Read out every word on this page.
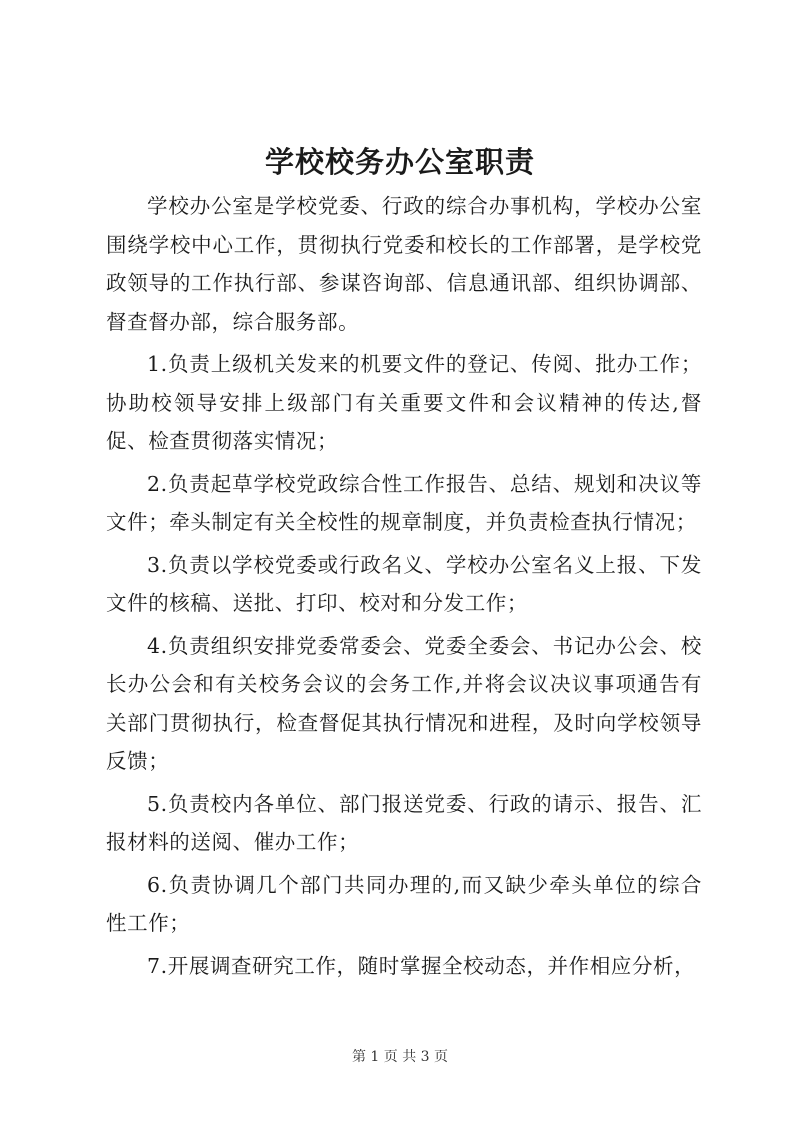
学校校务办公室职责

学校办公室是学校党委、行政的综合办事机构，学校办公室围绕学校中心工作，贯彻执行党委和校长的工作部署，是学校党政领导的工作执行部、参谋咨询部、信息通讯部、组织协调部、督查督办部，综合服务部。

1.负责上级机关发来的机要文件的登记、传阅、批办工作；协助校领导安排上级部门有关重要文件和会议精神的传达,督促、检查贯彻落实情况；

2.负责起草学校党政综合性工作报告、总结、规划和决议等文件；牵头制定有关全校性的规章制度，并负责检查执行情况；

3.负责以学校党委或行政名义、学校办公室名义上报、下发文件的核稿、送批、打印、校对和分发工作；

4.负责组织安排党委常委会、党委全委会、书记办公会、校长办公会和有关校务会议的会务工作,并将会议决议事项通告有关部门贯彻执行，检查督促其执行情况和进程，及时向学校领导反馈；

5.负责校内各单位、部门报送党委、行政的请示、报告、汇报材料的送阅、催办工作；

6.负责协调几个部门共同办理的,而又缺少牵头单位的综合性工作；

7.开展调查研究工作，随时掌握全校动态，并作相应分析，

第 1 页 共 3 页
